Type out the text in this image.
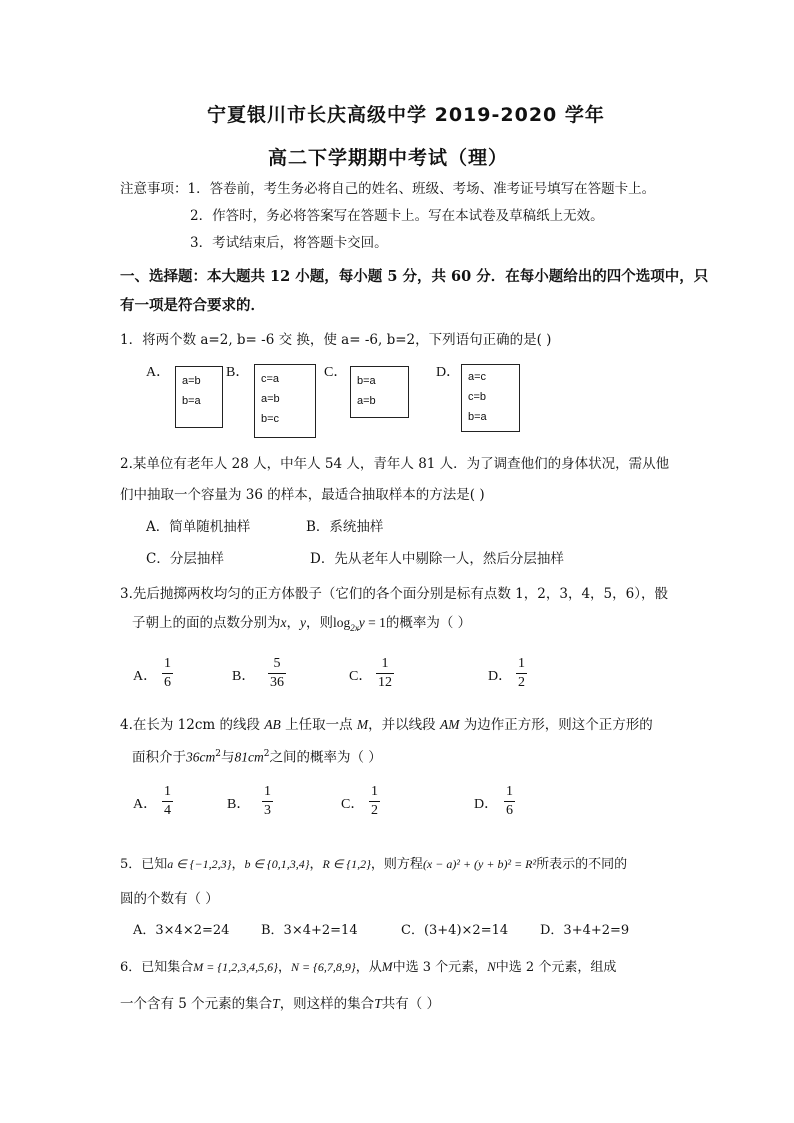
宁夏银川市长庆高级中学 2019-2020 学年
高二下学期期中考试（理）
注意事项：1．答卷前，考生务必将自己的姓名、班级、考场、准考证号填写在答题卡上。
2．作答时，务必将答案写在答题卡上。写在本试卷及草稿纸上无效。
3．考试结束后，将答题卡交回。
一、选择题：本大题共 12 小题，每小题 5 分，共 60 分．在每小题给出的四个选项中，只
有一项是符合要求的．
1．将两个数 a=2, b= -6 交 换，使 a= -6, b=2，下列语句正确的是( )
A．
a=b
b=a
B．	c=a
a=b
b=c
C．
b=a
a=b
D． a=c
c=b
b=a
2.某单位有老年人 28 人，中年人 54 人，青年人 81 人．为了调查他们的身体状况，需从他
们中抽取一个容量为 36 的样本，最适合抽取样本的方法是( )
A．简单随机抽样	B．系统抽样
C．分层抽样	D．先从老年人中剔除一人，然后分层抽样
3.先后抛掷两枚均匀的正方体骰子（它们的各个面分别是标有点数 1，2，3，4，5，6），骰
子朝上的面的点数分别为x，y，则$\log_{2x}y = 1$的概率为（ ）
A．
1
6	B．
5
36	C．
1
12	D．
1
2
4.在长为 12cm 的线段 AB 上任取一点 M，并以线段 AM 为边作正方形，则这个正方形的
面积介于$36cm^2$与$81cm^2$之间的概率为（ ）
A．
1
4	B．
1
3	C．
1
2	D．
1
6
5．已知a ∈ {−1,2,3}，b ∈ {0,1,3,4}，R ∈ {1,2}，则方程(x − a)² + (y + b)² = R²所表示的不同的
圆的个数有（ ）
A．3×4×2=24 B．3×4+2=14	C．(3+4)×2=14 D．3+4+2=9
6．已知集合M = {1,2,3,4,5,6}，N = {6,7,8,9}，从M中选 3 个元素，N中选 2 个元素，组成
一个含有 5 个元素的集合T，则这样的集合T共有（ ）
